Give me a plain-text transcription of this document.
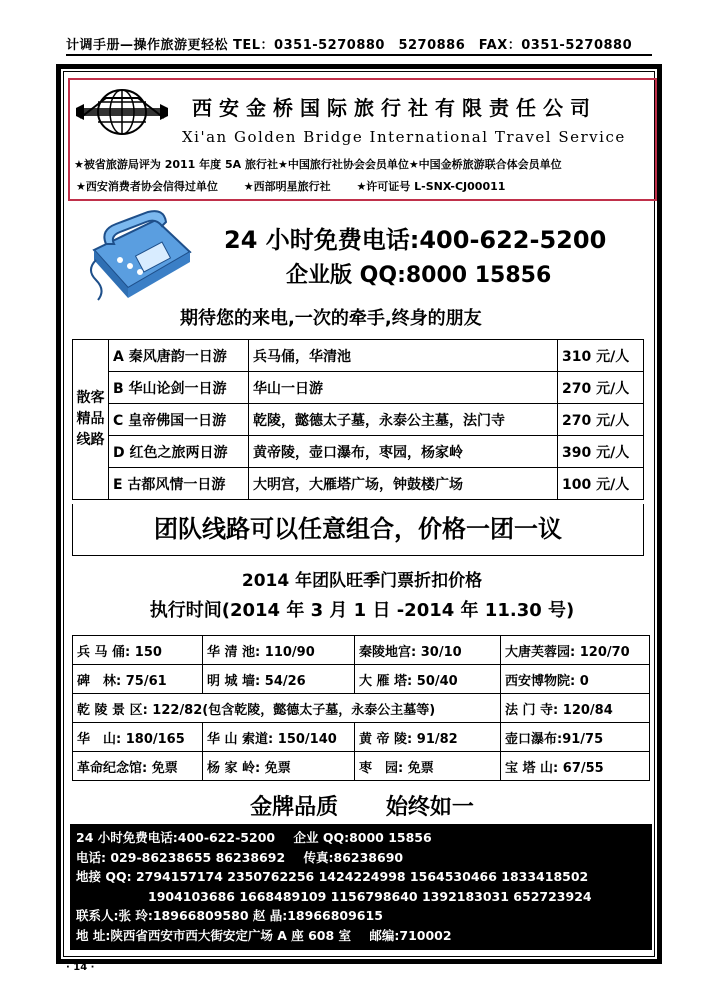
计调手册—操作旅游更轻松 TEL：0351-5270880　5270886　FAX：0351-5270880
西安金桥国际旅行社有限责任公司
Xi'an Golden Bridge International Travel Service
★被省旅游局评为 2011 年度 5A 旅行社★中国旅行社协会会员单位★中国金桥旅游联合体会员单位
★西安消费者协会信得过单位 ★西部明星旅行社 ★许可证号 L-SNX-CJ00011
24 小时免费电话:400-622-5200
企业版 QQ:8000 15856
期待您的来电,一次的牵手,终身的朋友
散客精品线路	A 秦风唐韵一日游	兵马俑，华清池	310 元/人
	B 华山论剑一日游	华山一日游	270 元/人
	C 皇帝佛国一日游	乾陵，懿德太子墓，永泰公主墓，法门寺	270 元/人
	D 红色之旅两日游	黄帝陵，壶口瀑布，枣园，杨家岭	390 元/人
	E 古都风情一日游	大明宫，大雁塔广场，钟鼓楼广场	100 元/人
团队线路可以任意组合，价格一团一议
2014 年团队旺季门票折扣价格
执行时间(2014 年 3 月 1 日 -2014 年 11.30 号)
兵 马 俑: 150	华 清 池: 110/90	秦陵地宫: 30/10	大唐芙蓉园: 120/70
碑　林: 75/61	明 城 墙: 54/26	大 雁 塔: 50/40	西安博物院: 0
乾 陵 景 区: 122/82(包含乾陵，懿德太子墓，永泰公主墓等)			法 门 寺: 120/84
华　山: 180/165	华 山 索道: 150/140	黄 帝 陵: 91/82	壶口瀑布:91/75
革命纪念馆: 免票	杨 家 岭: 免票	枣　园: 免票	宝 塔 山: 67/55
金牌品质 始终如一
24 小时免费电话:400-622-5200 企业 QQ:8000 15856
电话: 029-86238655 86238692 传真:86238690
地接 QQ: 2794157174 2350762256 1424224998 1564530466 1833418502
1904103686 1668489109 1156798640 1392183031 652723924
联系人:张 玲:18966809580 赵 晶:18966809615
地 址:陕西省西安市西大街安定广场 A 座 608 室 邮编:710002
· 14 ·
